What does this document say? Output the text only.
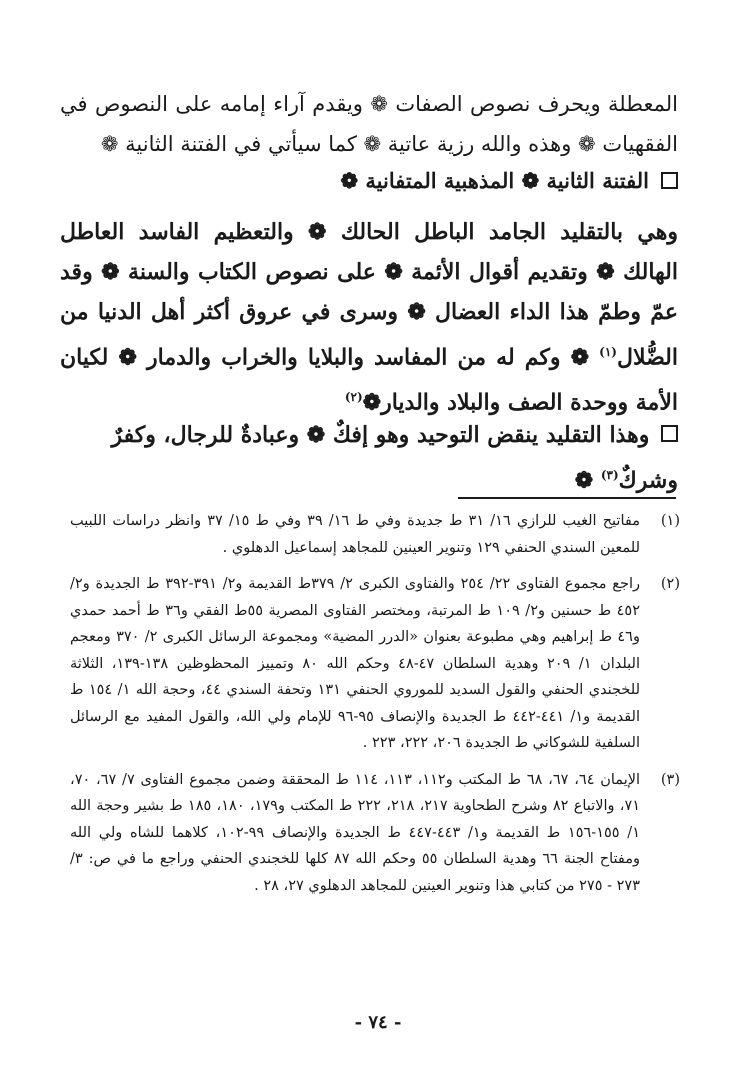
المعطلة ويحرف نصوص الصفات ❁ ويقدم آراء إمامه على النصوص في الفقهيات ❁ وهذه والله رزية عاتية ❁ كما سيأتي في الفتنة الثانية ❁
الفتنة الثانية ❁ المذهبية المتفانية ❁
وهي بالتقليد الجامد الباطل الحالك ❁ والتعظيم الفاسد العاطل الهالك ❁ وتقديم أقوال الأئمة ❁ على نصوص الكتاب والسنة ❁ وقد عمّ وطمّ هذا الداء العضال ❁ وسرى في عروق أكثر أهل الدنيا من الضُّلال$^{(١)}$ ❁ وكم له من المفاسد والبلايا والخراب والدمار ❁ لكيان الأمة ووحدة الصف والبلاد والديار❁$^{(٢)}$
وهذا التقليد ينقض التوحيد وهو إفكٌ ❁ وعبادةٌ للرجال، وكفرٌ وشركٌ$^{(٣)}$ ❁
(١)
مفاتيح الغيب للرازي ١٦/ ٣١ ط جديدة وفي ط ١٦/ ٣٩ وفي ط ١٥/ ٣٧ وانظر دراسات اللبيب للمعين السندي الحنفي ١٢٩ وتنوير العينين للمجاهد إسماعيل الدهلوي .
(٢)
راجع مجموع الفتاوى ٢٢/ ٢٥٤ والفتاوى الكبرى ٢/ ٣٧٩ط القديمة و٢/ ٣٩١-٣٩٢ ط الجديدة و٢/ ٤٥٢ ط حسنين و٢/ ١٠٩ ط المرتبة، ومختصر الفتاوى المصرية ٥٥ط الفقي و٣٦ ط أحمد حمدي و٤٦ ط إبراهيم وهي مطبوعة بعنوان «الدرر المضية» ومجموعة الرسائل الكبرى ٢/ ٣٧٠ ومعجم البلدان ١/ ٢٠٩ وهدية السلطان ٤٧-٤٨ وحكم الله ٨٠ وتمييز المحظوظين ١٣٨-١٣٩، الثلاثة للخجندي الحنفي والقول السديد للموروي الحنفي ١٣١ وتحفة السندي ٤٤، وحجة الله ١/ ١٥٤ ط القديمة و١/ ٤٤١-٤٤٢ ط الجديدة والإنصاف ٩٥-٩٦ للإمام ولي الله، والقول المفيد مع الرسائل السلفية للشوكاني ط الجديدة ٢٠٦، ٢٢٢، ٢٢٣ .
(٣)
الإيمان ٦٤، ٦٧، ٦٨ ط المكتب و١١٢، ١١٣، ١١٤ ط المحققة وضمن مجموع الفتاوى ٧/ ٦٧، ٧٠، ٧١، والاتباع ٨٢ وشرح الطحاوية ٢١٧، ٢١٨، ٢٢٢ ط المكتب و١٧٩، ١٨٠، ١٨٥ ط بشير وحجة الله ١/ ١٥٥-١٥٦ ط القديمة و١/ ٤٤٣-٤٤٧ ط الجديدة والإنصاف ٩٩-١٠٢، كلاهما للشاه ولي الله ومفتاح الجنة ٦٦ وهدية السلطان ٥٥ وحكم الله ٨٧ كلها للخجندي الحنفي وراجع ما في ص: ٣/ ٢٧٣ - ٢٧٥ من كتابي هذا وتنوير العينين للمجاهد الدهلوي ٢٧، ٢٨ .
- ٧٤ -
